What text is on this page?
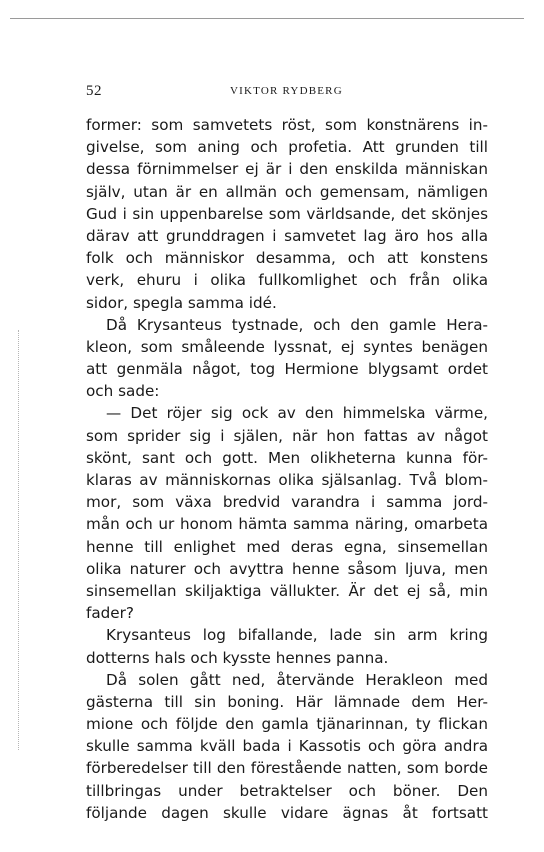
52	VIKTOR RYDBERG
former: som samvetets röst, som konstnärens in-
givelse, som aning och profetia. Att grunden till
dessa förnimmelser ej är i den enskilda människan
själv, utan är en allmän och gemensam, nämligen
Gud i sin uppenbarelse som världsande, det skönjes
därav att grunddragen i samvetet lag äro hos alla
folk och människor desamma, och att konstens
verk, ehuru i olika fullkomlighet och från olika
sidor, spegla samma idé.
Då Krysanteus tystnade, och den gamle Hera-
kleon, som småleende lyssnat, ej syntes benägen
att genmäla något, tog Hermione blygsamt ordet
och sade:
— Det röjer sig ock av den himmelska värme,
som sprider sig i själen, när hon fattas av något
skönt, sant och gott. Men olikheterna kunna för-
klaras av människornas olika själsanlag. Två blom-
mor, som växa bredvid varandra i samma jord-
mån och ur honom hämta samma näring, omarbeta
henne till enlighet med deras egna, sinsemellan
olika naturer och avyttra henne såsom ljuva, men
sinsemellan skiljaktiga vällukter. Är det ej så, min
fader?
Krysanteus log bifallande, lade sin arm kring
dotterns hals och kysste hennes panna.
Då solen gått ned, återvände Herakleon med
gästerna till sin boning. Här lämnade dem Her-
mione och följde den gamla tjänarinnan, ty flickan
skulle samma kväll bada i Kassotis och göra andra
förberedelser till den förestående natten, som borde
tillbringas under betraktelser och böner. Den
följande dagen skulle vidare ägnas åt fortsatt
